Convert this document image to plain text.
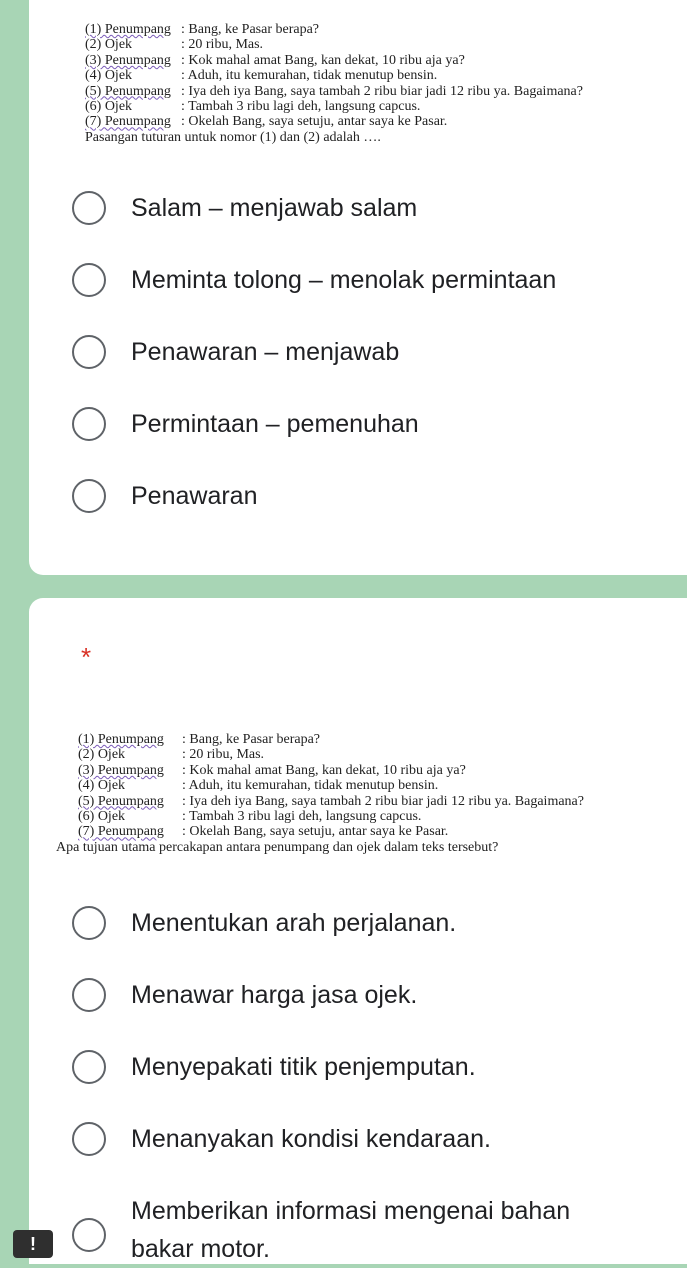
(1) Penumpang : Bang, ke Pasar berapa?
(2) Ojek	: 20 ribu, Mas.
(3) Penumpang : Kok mahal amat Bang, kan dekat, 10 ribu aja ya?
(4) Ojek	: Aduh, itu kemurahan, tidak menutup bensin.
(5) Penumpang : Iya deh iya Bang, saya tambah 2 ribu biar jadi 12 ribu ya. Bagaimana?
(6) Ojek	: Tambah 3 ribu lagi deh, langsung capcus.
(7) Penumpang : Okelah Bang, saya setuju, antar saya ke Pasar.
Pasangan tuturan untuk nomor (1) dan (2) adalah ….
Salam – menjawab salam
Meminta tolong – menolak permintaan
Penawaran – menjawab
Permintaan – pemenuhan
Penawaran
*
(1) Penumpang	: Bang, ke Pasar berapa?
(2) Ojek	: 20 ribu, Mas.
(3) Penumpang	: Kok mahal amat Bang, kan dekat, 10 ribu aja ya?
(4) Ojek	: Aduh, itu kemurahan, tidak menutup bensin.
(5) Penumpang	: Iya deh iya Bang, saya tambah 2 ribu biar jadi 12 ribu ya. Bagaimana?
(6) Ojek	: Tambah 3 ribu lagi deh, langsung capcus.
(7) Penumpang	: Okelah Bang, saya setuju, antar saya ke Pasar.
Apa tujuan utama percakapan antara penumpang dan ojek dalam teks tersebut?
Menentukan arah perjalanan.
Menawar harga jasa ojek.
Menyepakati titik penjemputan.
Menanyakan kondisi kendaraan.
Memberikan informasi mengenai bahan bakar motor.
!
